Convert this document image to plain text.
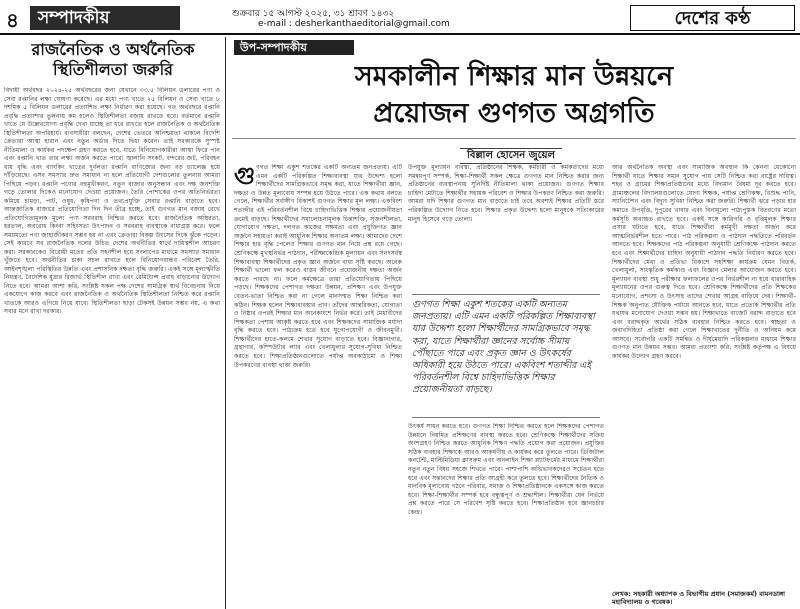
৪	সম্পাদকীয়	শুক্রবার ১৫ আগস্ট ২০২৫, ৩১ শ্রাবণ ১৪৩২
e-mail : desherkanthaeditorial@gmail.com	দেশের কণ্ঠ
রাজনৈতিক ও অর্থনৈতিক স্থিতিশীলতা জরুরি
বিদায়ী অর্থবছর ২০২৪-২৫ অর্থবছরের জন্য যেখানে ৩৩.৫ বিলিয়ন ডলারের পণ্য ও সেবা রপ্তানির লক্ষ্য ঘোষণা করেছে। এর মধ্যে পণ্য খাতে ২৫ বিলিয়ন ও সেবা খাতে ৮ দশমিক ৫ বিলিয়ন ডলারের প্রত্যাশিত লক্ষ্য নির্ধারণ করা হয়েছে। গত অর্থবছরে রপ্তানি প্রবৃদ্ধি প্রত্যাশার তুলনায় কম হলেও স্থিতিশীলতা বজায় রাখতে হবে। বর্তমানে রপ্তানি খাতে যে উল্লেখযোগ্য প্রবৃদ্ধি দেখা যাচ্ছে তা ধরে রাখতে হলে রাজনৈতিক ও অর্থনৈতিক স্থিতিশীলতা অপরিহার্য। ব্যবসায়ীরা বলছেন, দেশের ভেতরে অনিশ্চয়তা থাকলে বিদেশি ক্রেতারা আস্থা হারান এবং নতুন অর্ডার দিতে দ্বিধা করেন। তাই সরকারকে সুস্পষ্ট নীতিমালা ও কার্যকর পদক্ষেপ গ্রহণ করতে হবে, যাতে বিনিয়োগকারীরা আস্থা ফিরে পান এবং রপ্তানি খাত তার লক্ষ্য অর্জন করতে পারে। জ্বালানি সংকট, বন্দরের জট, পরিবহন ব্যয় বৃদ্ধি এবং ব্যাংকিং খাতের দুর্বলতা রপ্তানি বাণিজ্যের জন্য বড় চ্যালেঞ্জ হয়ে দাঁড়িয়েছে। এসব সমস্যার দ্রুত সমাধান না হলে প্রতিযোগী দেশগুলোর তুলনায় আমরা পিছিয়ে পড়ব। রপ্তানি পণ্যের বহুমুখীকরণ, নতুন বাজার অনুসন্ধান এবং দক্ষ জনশক্তি গড়ে তোলার দিকেও মনোযোগ দেওয়া প্রয়োজন। তৈরি পোশাকের ওপর অতিনির্ভরতা কমিয়ে চামড়া, পাট, ওষুধ, কৃষিপণ্য ও তথ্যপ্রযুক্তি সেবার রপ্তানি বাড়াতে হবে। আন্তর্জাতিক বাজারে প্রতিযোগিতা দিন দিন তীব্র হচ্ছে, তাই গুণগত মান বজায় রেখে প্রতিযোগিতামূলক মূল্যে পণ্য সরবরাহ নিশ্চিত করতে হবে। রাজনৈতিক অস্থিরতা, হরতাল, অবরোধ কিংবা সহিংসতা উৎপাদন ও সরবরাহ ব্যবস্থাকে বাধাগ্রস্ত করে। ফলে সময়মতো পণ্য জাহাজীকরণ সম্ভব হয় না এবং ক্রেতারা বিকল্প উৎসের দিকে ঝুঁকে পড়েন। সেই কারণে সব রাজনৈতিক দলের উচিত দেশের অর্থনীতির স্বার্থে দায়িত্বশীল আচরণ করা। সরকারকেও বিরোধী মতের প্রতি সহনশীল হয়ে সংলাপের মাধ্যমে সমস্যার সমাধান খুঁজতে হবে। অর্থনীতির চাকা সচল রাখতে হলে বিনিয়োগবান্ধব পরিবেশ তৈরি, আইনশৃঙ্খলা পরিস্থিতির উন্নতি এবং প্রশাসনিক দক্ষতা বৃদ্ধি জরুরি। একই সঙ্গে মূল্যস্ফীতি নিয়ন্ত্রণ, বৈদেশিক মুদ্রার রিজার্ভ স্থিতিশীল রাখা এবং রেমিট্যান্স প্রবাহ বাড়ানোর উদ্যোগ নিতে হবে। আমরা আশা করি, সংশ্লিষ্ট সকল পক্ষ দেশের সামগ্রিক স্বার্থ বিবেচনায় নিয়ে একযোগে কাজ করবে এবং রাজনৈতিক ও অর্থনৈতিক স্থিতিশীলতা নিশ্চিত করে রপ্তানি খাতকে আরও এগিয়ে নিয়ে যাবে। স্থিতিশীলতা ছাড়া টেকসই উন্নয়ন সম্ভব নয়, এ কথা সবার মনে রাখা দরকার।
উপ-সম্পাদকীয়
সমকালীন শিক্ষার মান উন্নয়নে
প্রয়োজন গুণগত অগ্রগতি
বিল্লাল হোসেন জুয়েল
গু ণগত শিক্ষা একুশ শতকের একটি অন্যতম জনপ্রত্যয়। এটি এমন একটি পরিকল্পিত শিক্ষাব্যবস্থা যার উদ্দেশ্য হলো শিক্ষার্থীদের সামগ্রিকভাবে সমৃদ্ধ করা, যাতে শিক্ষার্থীরা জ্ঞান, দক্ষতা ও উন্নত মূল্যবোধ সম্পন্ন হয়ে উঠতে পারে। এক কথায় বলতে গেলে, শিক্ষার্থীর সর্বাঙ্গীণ বিকাশই গুণগত শিক্ষার মূল লক্ষ্য। একবিংশ শতাব্দীর এই পরিবর্তনশীল বিশ্বে চাহিদাভিত্তিক শিক্ষার প্রয়োজনীয়তা ক্রমেই বাড়ছে। শিক্ষার্থীদের সমালোচনামূলক চিন্তাশক্তি, সৃজনশীলতা, যোগাযোগ দক্ষতা, দলগত কাজের সক্ষমতা এবং প্রযুক্তিগত জ্ঞান অর্জনে সহায়তা করাই আধুনিক শিক্ষার অন্যতম লক্ষ্য। আমাদের দেশে শিক্ষার হার বৃদ্ধি পেলেও শিক্ষার গুণগত মান নিয়ে প্রশ্ন রয়ে গেছে। শ্রেণিকক্ষে মুখস্থনির্ভর পাঠদান, পরীক্ষাকেন্দ্রিক মূল্যায়ন এবং সনদসর্বস্ব শিক্ষাব্যবস্থা শিক্ষার্থীদের প্রকৃত জ্ঞান অর্জনে বাধা সৃষ্টি করছে। অনেক শিক্ষার্থী ভালো ফল করেও বাস্তব জীবনে প্রয়োজনীয় দক্ষতা অর্জন করতে পারছে না। ফলে কর্মক্ষেত্রে তারা প্রতিযোগিতায় পিছিয়ে পড়ছে। শিক্ষকদের পেশাগত দক্ষতা উন্নয়ন, প্রশিক্ষণ এবং উপযুক্ত বেতন-ভাতা নিশ্চিত করা না গেলে মানসম্মত শিক্ষা নিশ্চিত করা কঠিন। শিক্ষক হলেন শিক্ষাব্যবস্থার প্রাণ। তাঁদের আন্তরিকতা, যোগ্যতা ও নিষ্ঠার ওপরই শিক্ষার মান অনেকাংশে নির্ভর করে। তাই মেধাবীদের শিক্ষকতা পেশায় আকৃষ্ট করতে হবে এবং শিক্ষকদের সামাজিক মর্যাদা বৃদ্ধি করতে হবে। পাঠ্যক্রম হতে হবে যুগোপযোগী ও জীবনমুখী। শিক্ষার্থীদের হাতে-কলমে শেখার সুযোগ বাড়াতে হবে। বিজ্ঞানাগার, গ্রন্থাগার, কম্পিউটার ল্যাব এবং খেলাধুলার সুযোগ-সুবিধা নিশ্চিত করতে হবে। শিক্ষাপ্রতিষ্ঠানগুলোতে পর্যাপ্ত অবকাঠামো ও শিক্ষা উপকরণের ব্যবস্থা থাকা জরুরি।
উপযুক্ত মূল্যায়ন ব্যবস্থা, প্রতিষ্ঠানের শিক্ষক, কর্মচারী ও কর্মকর্তাদের মধ্যে সমন্বয়পূর্ণ সম্পর্ক, শিক্ষা-শিক্ষার্থী সকল ক্ষেত্রে গুণগত মান নিশ্চিত করার জন্য প্রতিষ্ঠানের ব্যবস্থাপনায় সুনির্দিষ্ট নীতিমালা থাকা প্রয়োজন। গুণগত শিক্ষার চাহিদা মেটাতে শিক্ষার্থীর সহায়ক পরিবেশ ও শিক্ষার উপকরণ নিশ্চিত করা জরুরি। আমরা যদি শিক্ষার গুণগত মান বাড়াতে চাই তবে অবশ্যই শিক্ষার প্রতিটি স্তরে পরিকল্পিত উদ্যোগ নিতে হবে। শিক্ষার প্রকৃত উদ্দেশ্য হলো মানুষকে সত্যিকারের মানুষ হিসেবে গড়ে তোলা।
গুণগত শিক্ষা একুশ শতকের একটি অন্যতম জনপ্রত্যয়। এটি এমন একটি পরিকল্পিত শিক্ষাব্যবস্থা যার উদ্দেশ্য হলো শিক্ষার্থীদের সামগ্রিকভাবে সমৃদ্ধ করা, যাতে শিক্ষার্থীরা জ্ঞানের সর্বোচ্চ সীমায় পৌঁছাতে পারে এবং প্রকৃত জ্ঞান ও উৎকর্ষের অধিকারী হয়ে উঠতে পারে। একবিংশ শতাব্দীর এই পরিবর্তনশীল বিশ্বে চাহিদাভিত্তিক শিক্ষার প্রয়োজনীয়তা বাড়ছে।
উৎকর্ষ সাধন করতে হবে। গুণগত শিক্ষা নিশ্চিত করতে হলে শিক্ষকদের পেশাগত উন্নয়নে নিয়মিত প্রশিক্ষণের ব্যবস্থা করতে হবে। শ্রেণিকক্ষে শিক্ষার্থীদের সক্রিয় অংশগ্রহণ নিশ্চিত করতে আধুনিক শিক্ষণ পদ্ধতি প্রয়োগ করা প্রয়োজন। প্রযুক্তির সঠিক ব্যবহার শিক্ষাকে আরও আকর্ষণীয় ও কার্যকর করে তুলতে পারে। ডিজিটাল কনটেন্ট, মাল্টিমিডিয়া ক্লাসরুম এবং অনলাইন শিক্ষা প্ল্যাটফর্মের মাধ্যমে শিক্ষার্থীরা নতুন নতুন বিষয় সহজে শিখতে পারে। পাশাপাশি অভিভাবকদেরও সচেতন হতে হবে এবং সন্তানদের শিক্ষার প্রতি আগ্রহী করে তুলতে হবে। শিক্ষার্থীদের নৈতিক ও মানবিক মূল্যবোধ গঠনে পরিবার, সমাজ ও শিক্ষাপ্রতিষ্ঠানকে একসঙ্গে কাজ করতে হবে। শিক্ষা-শিক্ষার্থীর সম্পর্ক হবে বন্ধুত্বপূর্ণ ও শ্রদ্ধাশীল। শিক্ষার্থীরা যেন নির্ভয়ে প্রশ্ন করতে পারে সে পরিবেশ সৃষ্টি করতে হবে। শিক্ষাপ্রতিষ্ঠান হবে জ্ঞানচর্চার কেন্দ্র।
আর অর্থনৈতিক অবস্থা এবং সামাজিক অবস্থান কি কেননা যেকোনো শিক্ষার্থী যাতে শিক্ষার সমান সুযোগ পায় সেটি নিশ্চিত করা রাষ্ট্রের দায়িত্ব। শহর ও গ্রামের শিক্ষাপ্রতিষ্ঠানের মধ্যে বিদ্যমান বৈষম্য দূর করতে হবে। গ্রামাঞ্চলের বিদ্যালয়গুলোতে যোগ্য শিক্ষক, পর্যাপ্ত শ্রেণিকক্ষ, বিশুদ্ধ পানি, স্যানিটেশন এবং বিদ্যুৎ সুবিধা নিশ্চিত করা জরুরি। শিক্ষার্থী ঝরে পড়ার হার কমাতে উপবৃত্তি, দুপুরের খাবার এবং বিনামূল্যে পাঠ্যপুস্তক বিতরণের মতো কর্মসূচি অব্যাহত রাখতে হবে। একই সঙ্গে কারিগরি ও বৃত্তিমূলক শিক্ষার প্রসার ঘটাতে হবে, যাতে শিক্ষার্থীরা কর্মমুখী দক্ষতা অর্জন করে আত্মনির্ভরশীল হতে পারে। পাঠ পরিকল্পনা ও পাঠদান পদ্ধতিতে পরিবর্তন আনতে হবে। শিক্ষকদের পাঠ পরিকল্পনা অনুযায়ী শ্রেণিকক্ষে পাঠদান করতে হবে এবং শিক্ষার্থীদের চাহিদা অনুযায়ী পাঠদান পদ্ধতি নির্ধারণ করতে হবে। শিক্ষার্থীদের মেধা ও প্রতিভা বিকাশে সহশিক্ষা কার্যক্রম যেমন বিতর্ক, খেলাধুলা, সাংস্কৃতিক কর্মকাণ্ড এবং বিজ্ঞান মেলার আয়োজন করতে হবে। মূল্যায়ন ব্যবস্থা শুধু পরীক্ষার ফলাফলের ওপর নির্ভরশীল না হয়ে ধারাবাহিক মূল্যায়নের ওপর গুরুত্ব দিতে হবে। শ্রেণিকক্ষে শিক্ষার্থীদের প্রতি শিক্ষকের মনোযোগ, প্রশংসা ও উৎসাহ তাদের শেখার আগ্রহ বাড়িয়ে দেয়। শিক্ষার্থী-শিক্ষক অনুপাত যৌক্তিক পর্যায়ে আনতে হবে, যাতে প্রত্যেক শিক্ষার্থীর প্রতি যথাযথ মনোযোগ দেওয়া সম্ভব হয়। শিক্ষাখাতে বাজেট বরাদ্দ বাড়াতে হবে এবং বরাদ্দকৃত অর্থের সঠিক ব্যবহার নিশ্চিত করতে হবে। স্বচ্ছতা ও জবাবদিহিতা প্রতিষ্ঠা করা গেলে শিক্ষাখাতের দুর্নীতি ও অনিয়ম কমে আসবে। সর্বোপরি একটি সমন্বিত ও দীর্ঘমেয়াদি পরিকল্পনার মাধ্যমে শিক্ষার গুণগত মান উন্নয়ন সম্ভব। আমরা প্রত্যাশা করি, সংশ্লিষ্ট কর্তৃপক্ষ এ বিষয়ে কার্যকর উদ্যোগ গ্রহণ করবে।
লেখক: সহকারী অধ্যাপক ও বিভাগীয় প্রধান (সমাজকর্ম) বামনডাঙ্গা মহাবিদ্যালয় ও গবেষক।
